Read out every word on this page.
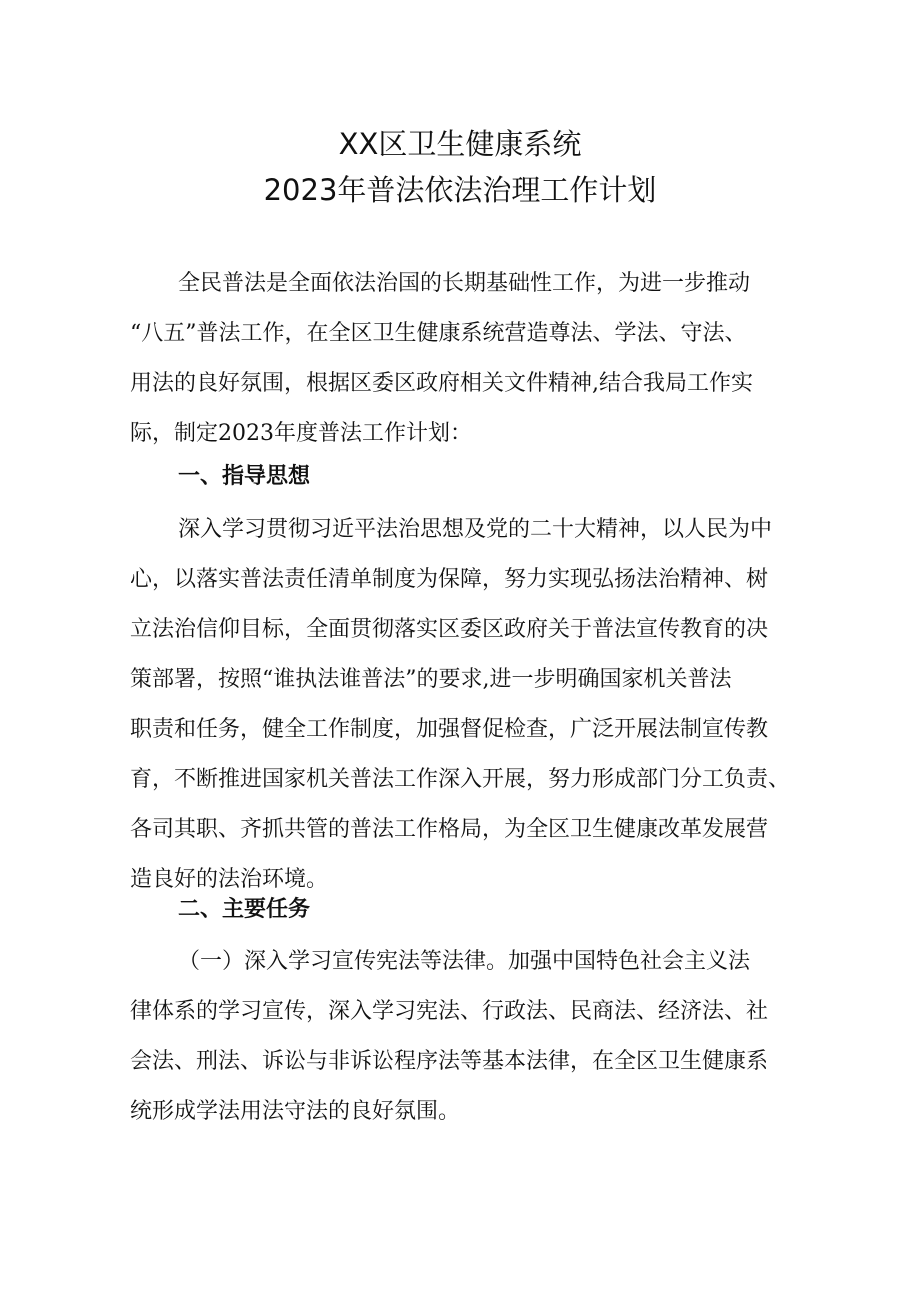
XX区卫生健康系统
2023年普法依法治理工作计划
全民普法是全面依法治国的长期基础性工作，为进一步推动
“八五”普法工作，在全区卫生健康系统营造尊法、学法、守法、
用法的良好氛围，根据区委区政府相关文件精神,结合我局工作实
际，制定2023年度普法工作计划：
一、指导思想
深入学习贯彻习近平法治思想及党的二十大精神，以人民为中
心，以落实普法责任清单制度为保障，努力实现弘扬法治精神、树
立法治信仰目标，全面贯彻落实区委区政府关于普法宣传教育的决
策部署，按照“谁执法谁普法”的要求,进一步明确国家机关普法
职责和任务，健全工作制度，加强督促检查，广泛开展法制宣传教
育，不断推进国家机关普法工作深入开展，努力形成部门分工负责、
各司其职、齐抓共管的普法工作格局，为全区卫生健康改革发展营
造良好的法治环境。
二、主要任务
（一）深入学习宣传宪法等法律。加强中国特色社会主义法
律体系的学习宣传，深入学习宪法、行政法、民商法、经济法、社
会法、刑法、诉讼与非诉讼程序法等基本法律，在全区卫生健康系
统形成学法用法守法的良好氛围。
